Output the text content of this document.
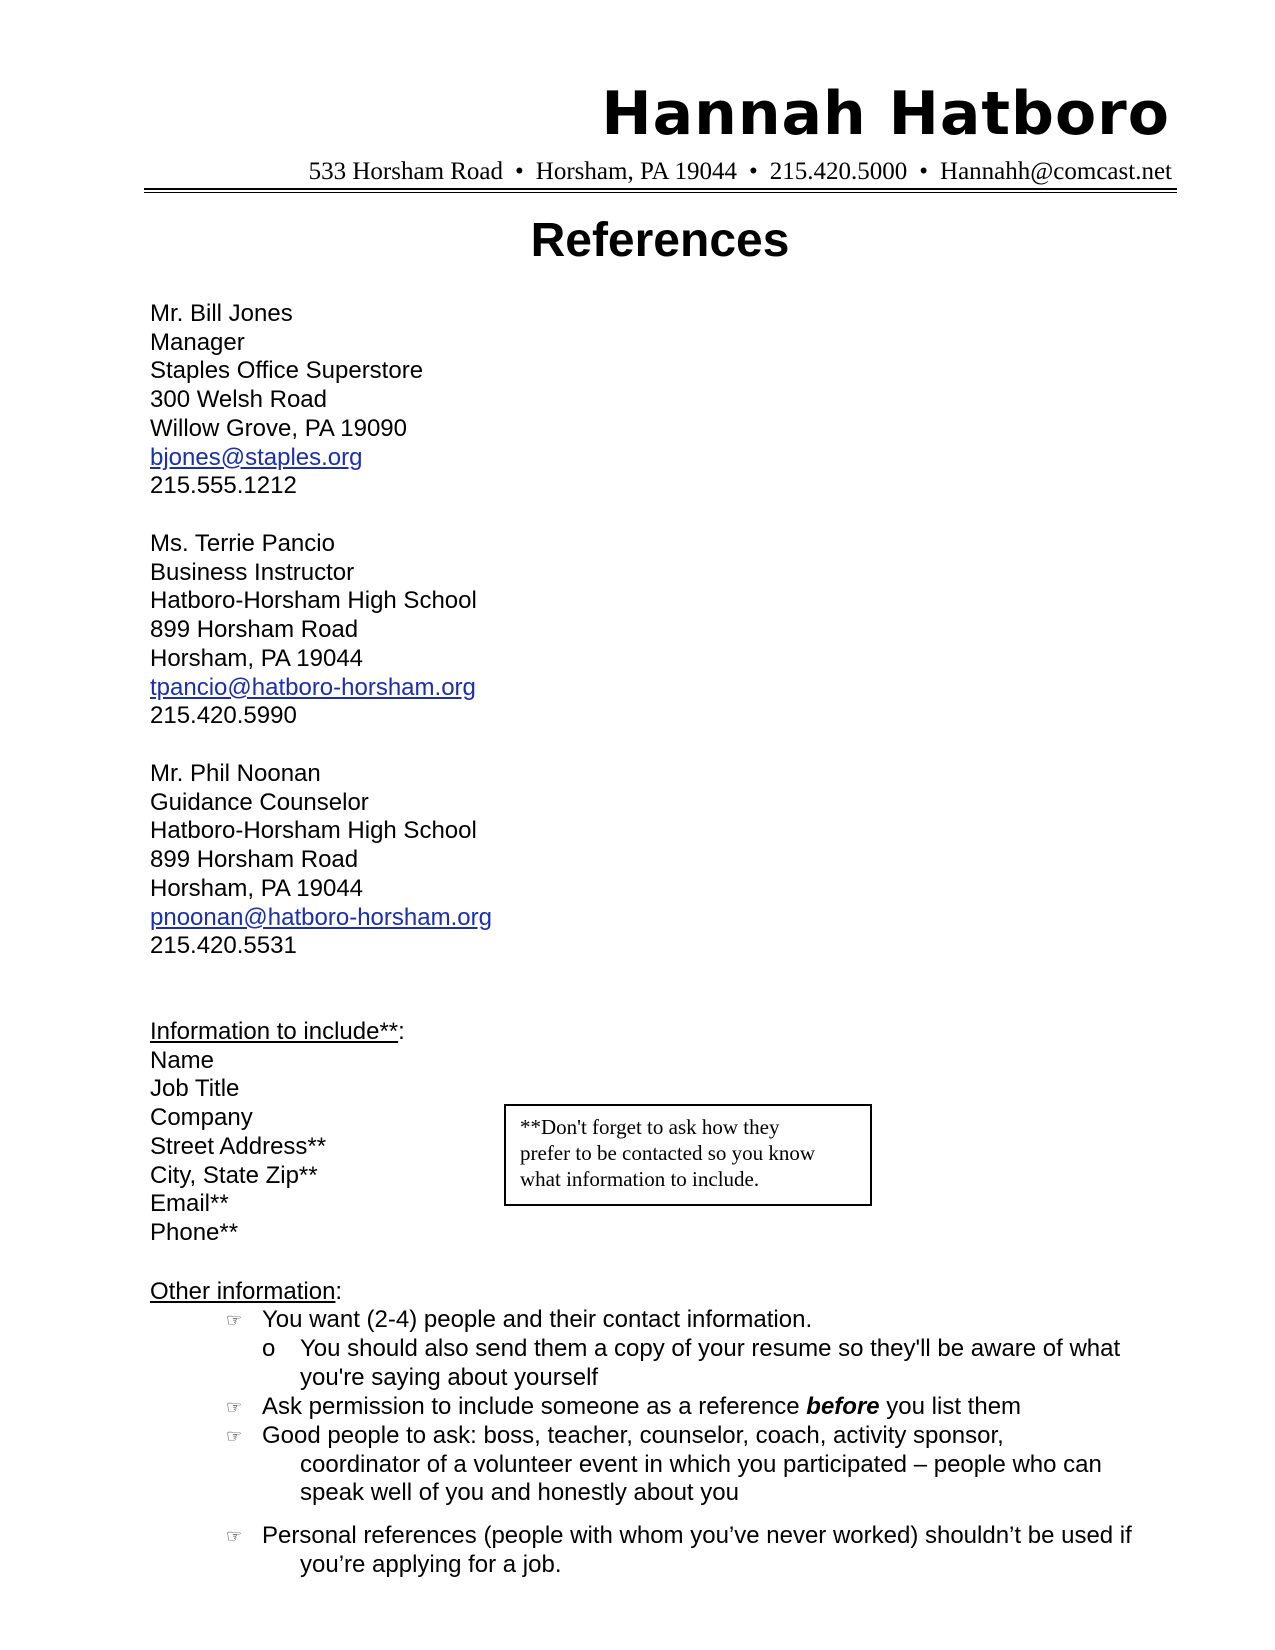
Hannah Hatboro
533 Horsham Road • Horsham, PA 19044 • 215.420.5000 • Hannahh@comcast.net
References
Mr. Bill Jones
Manager
Staples Office Superstore
300 Welsh Road
Willow Grove, PA 19090
bjones@staples.org
215.555.1212
Ms. Terrie Pancio
Business Instructor
Hatboro-Horsham High School
899 Horsham Road
Horsham, PA 19044
tpancio@hatboro-horsham.org
215.420.5990
Mr. Phil Noonan
Guidance Counselor
Hatboro-Horsham High School
899 Horsham Road
Horsham, PA 19044
pnoonan@hatboro-horsham.org
215.420.5531
Information to include**:
Name
Job Title
Company
Street Address**
City, State Zip**
Email**
Phone**
**Don't forget to ask how they
prefer to be contacted so you know
what information to include.
Other information:
☞ You want (2-4) people and their contact information.
o You should also send them a copy of your resume so they'll be aware of what
you're saying about yourself
☞ Ask permission to include someone as a reference before you list them
☞ Good people to ask: boss, teacher, counselor, coach, activity sponsor,
coordinator of a volunteer event in which you participated – people who can
speak well of you and honestly about you
☞ Personal references (people with whom you’ve never worked) shouldn’t be used if
you’re applying for a job.
